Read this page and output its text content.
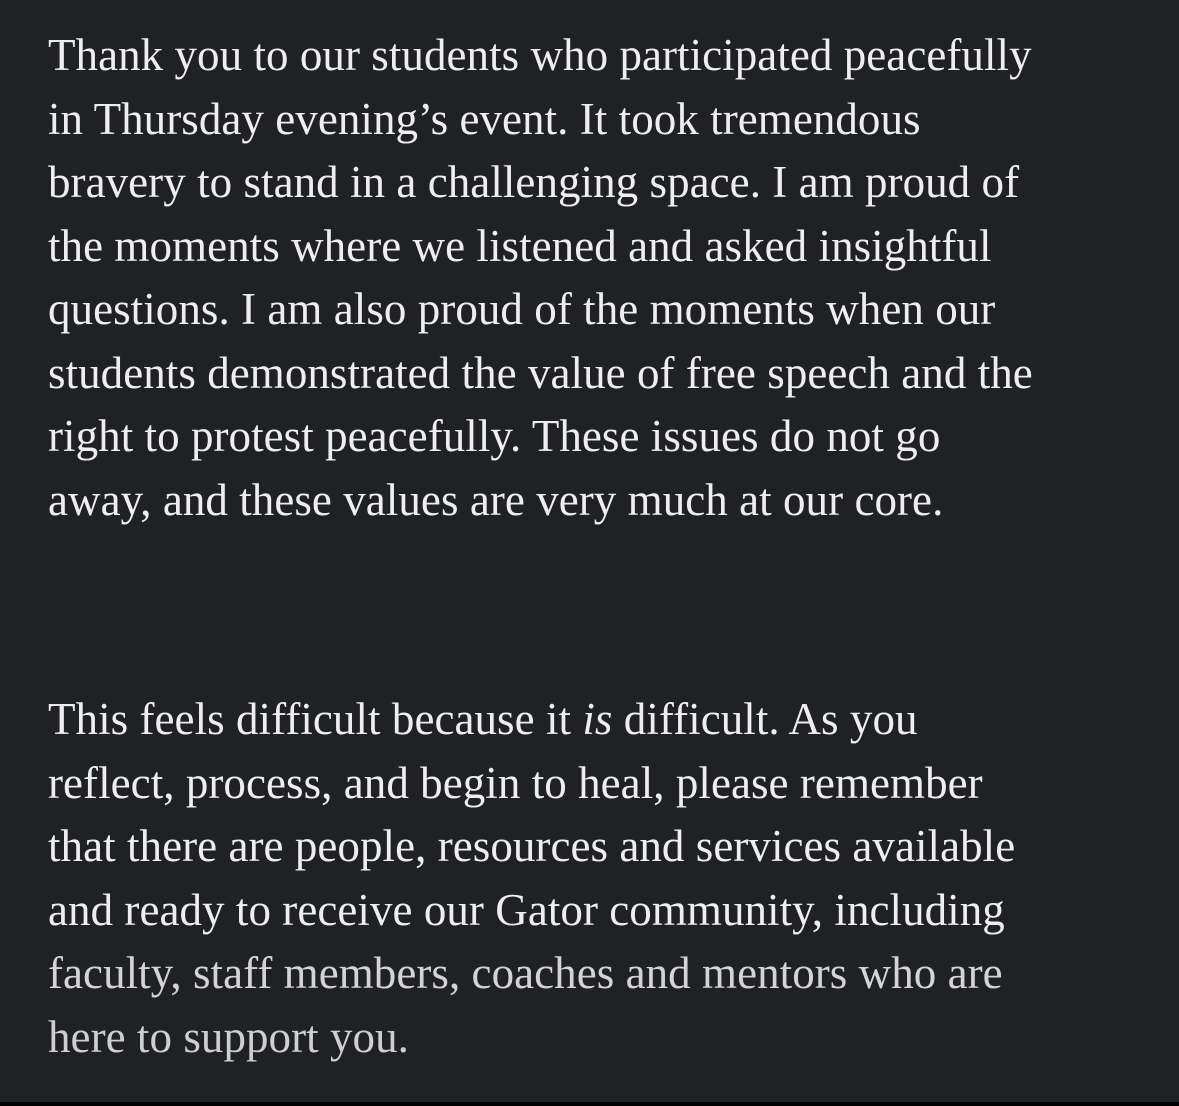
Thank you to our students who participated peacefully
in Thursday evening’s event. It took tremendous
bravery to stand in a challenging space. I am proud of
the moments where we listened and asked insightful
questions. I am also proud of the moments when our
students demonstrated the value of free speech and the
right to protest peacefully. These issues do not go
away, and these values are very much at our core.

This feels difficult because it is difficult. As you
reflect, process, and begin to heal, please remember
that there are people, resources and services available
and ready to receive our Gator community, including
faculty, staff members, coaches and mentors who are
here to support you.
